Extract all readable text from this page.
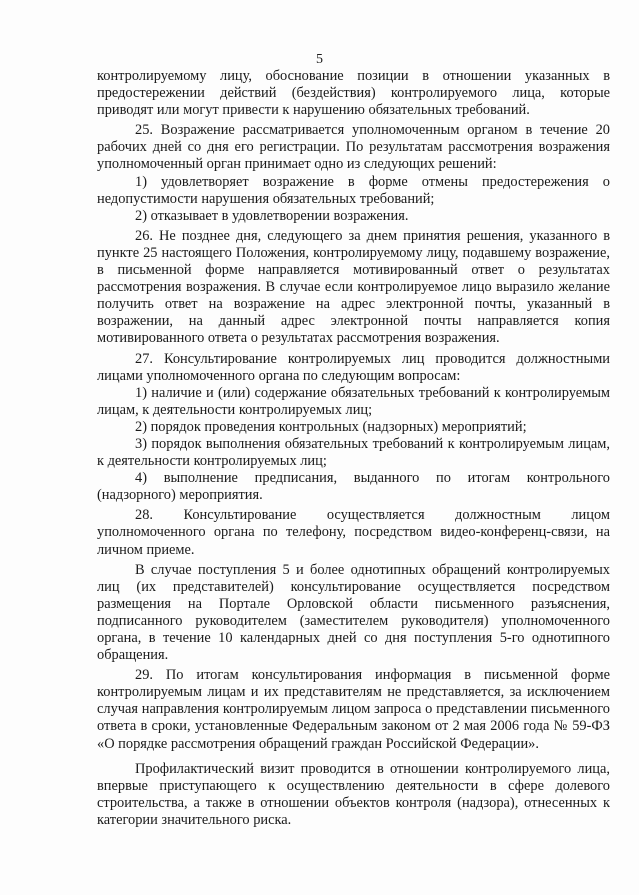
5

контролируемому лицу, обоснование позиции в отношении указанных в предостережении действий (бездействия) контролируемого лица, которые приводят или могут привести к нарушению обязательных требований.

25. Возражение рассматривается уполномоченным органом в течение 20 рабочих дней со дня его регистрации. По результатам рассмотрения возражения уполномоченный орган принимает одно из следующих решений:

1) удовлетворяет возражение в форме отмены предостережения о недопустимости нарушения обязательных требований;

2) отказывает в удовлетворении возражения.

26. Не позднее дня, следующего за днем принятия решения, указанного в пункте 25 настоящего Положения, контролируемому лицу, подавшему возражение, в письменной форме направляется мотивированный ответ о результатах рассмотрения возражения. В случае если контролируемое лицо выразило желание получить ответ на возражение на адрес электронной почты, указанный в возражении, на данный адрес электронной почты направляется копия мотивированного ответа о результатах рассмотрения возражения.

27. Консультирование контролируемых лиц проводится должностными лицами уполномоченного органа по следующим вопросам:

1) наличие и (или) содержание обязательных требований к контролируемым лицам, к деятельности контролируемых лиц;

2) порядок проведения контрольных (надзорных) мероприятий;

3) порядок выполнения обязательных требований к контролируемым лицам, к деятельности контролируемых лиц;

4) выполнение предписания, выданного по итогам контрольного (надзорного) мероприятия.

28. Консультирование осуществляется должностным лицом уполномоченного органа по телефону, посредством видео-конференц-связи, на личном приеме.

В случае поступления 5 и более однотипных обращений контролируемых лиц (их представителей) консультирование осуществляется посредством размещения на Портале Орловской области письменного разъяснения, подписанного руководителем (заместителем руководителя) уполномоченного органа, в течение 10 календарных дней со дня поступления 5-го однотипного обращения.

29. По итогам консультирования информация в письменной форме контролируемым лицам и их представителям не представляется, за исключением случая направления контролируемым лицом запроса о представлении письменного ответа в сроки, установленные Федеральным законом от 2 мая 2006 года № 59-ФЗ «О порядке рассмотрения обращений граждан Российской Федерации».

Профилактический визит проводится в отношении контролируемого лица, впервые приступающего к осуществлению деятельности в сфере долевого строительства, а также в отношении объектов контроля (надзора), отнесенных к категории значительного риска.
